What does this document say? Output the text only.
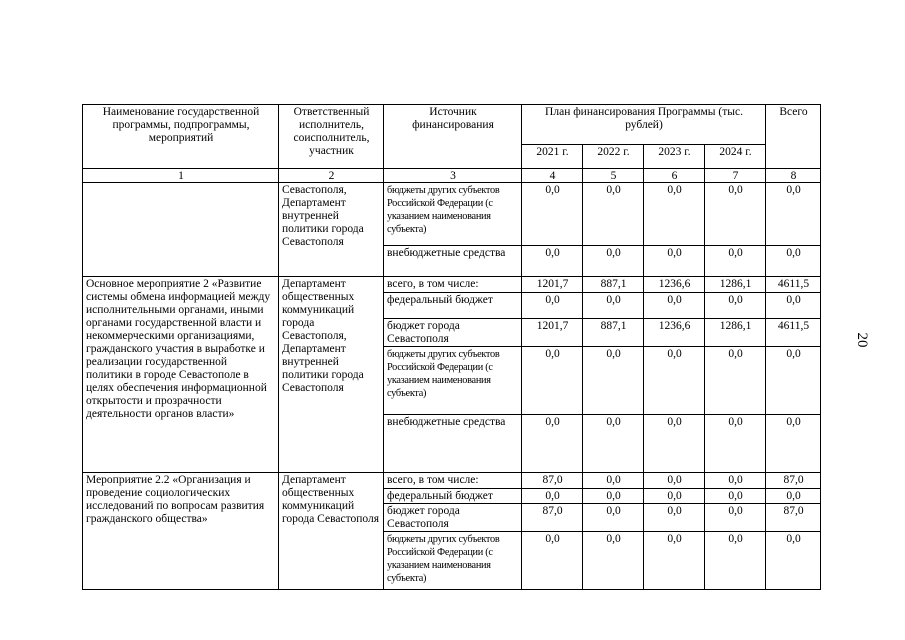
20
Наименование государственной программы, подпрограммы, мероприятий	Ответственный исполнитель, соисполнитель, участник	Источник финансирования	План финансирования Программы (тыс. рублей)				Всего
			2021 г.	2022 г.	2023 г.	2024 г.	
1	2	3	4	5	6	7	8
	Севастополя, Департамент внутренней политики города Севастополя	бюджеты других субъектов Российской Федерации (с указанием наименования субъекта)	0,0	0,0	0,0	0,0	0,0
		внебюджетные средства	0,0	0,0	0,0	0,0	0,0
Основное мероприятие 2 «Развитие системы обмена информацией между исполнительными органами, иными органами государственной власти и некоммерческими организациями, гражданского участия в выработке и реализации государственной политики в городе Севастополе в целях обеспечения информационной открытости и прозрачности деятельности органов власти»	Департамент общественных коммуникаций города Севастополя, Департамент внутренней политики города Севастополя	всего, в том числе:	1201,7	887,1	1236,6	1286,1	4611,5
		федеральный бюджет	0,0	0,0	0,0	0,0	0,0
		бюджет города Севастополя	1201,7	887,1	1236,6	1286,1	4611,5
		бюджеты других субъектов Российской Федерации (с указанием наименования субъекта)	0,0	0,0	0,0	0,0	0,0
		внебюджетные средства	0,0	0,0	0,0	0,0	0,0
Мероприятие 2.2 «Организация и проведение социологических исследований по вопросам развития гражданского общества»	Департамент общественных коммуникаций города Севастополя	всего, в том числе:	87,0	0,0	0,0	0,0	87,0
		федеральный бюджет	0,0	0,0	0,0	0,0	0,0
		бюджет города Севастополя	87,0	0,0	0,0	0,0	87,0
		бюджеты других субъектов Российской Федерации (с указанием наименования субъекта)	0,0	0,0	0,0	0,0	0,0
